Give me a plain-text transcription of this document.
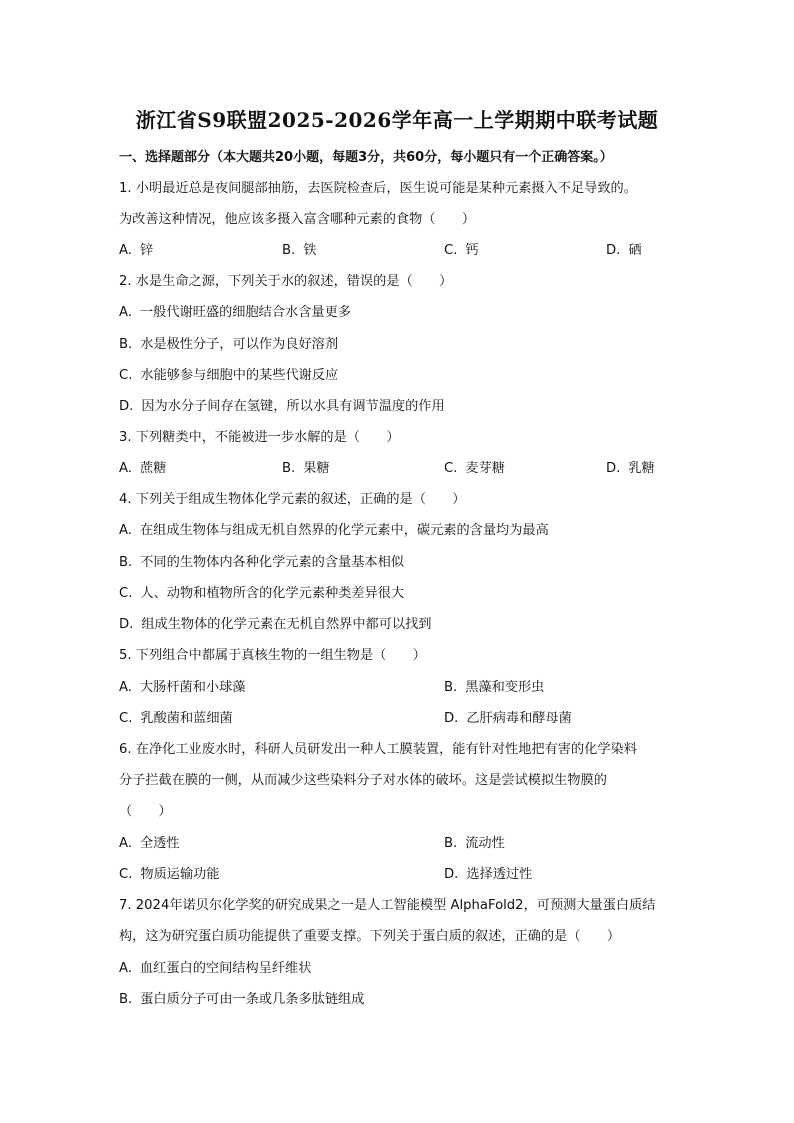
浙江省S9联盟2025-2026学年高一上学期期中联考试题
一、选择题部分（本大题共20小题，每题3分，共60分，每小题只有一个正确答案。）
1. 小明最近总是夜间腿部抽筋，去医院检查后，医生说可能是某种元素摄入不足导致的。
为改善这种情况，他应该多摄入富含哪种元素的食物（　　）
A. 锌	B. 铁	C. 钙	D. 硒
2. 水是生命之源，下列关于水的叙述，错误的是（　　）
A. 一般代谢旺盛的细胞结合水含量更多
B. 水是极性分子，可以作为良好溶剂
C. 水能够参与细胞中的某些代谢反应
D. 因为水分子间存在氢键，所以水具有调节温度的作用
3. 下列糖类中，不能被进一步水解的是（　　）
A. 蔗糖	B. 果糖	C. 麦芽糖	D. 乳糖
4. 下列关于组成生物体化学元素的叙述，正确的是（　　）
A. 在组成生物体与组成无机自然界的化学元素中，碳元素的含量均为最高
B. 不同的生物体内各种化学元素的含量基本相似
C. 人、动物和植物所含的化学元素种类差异很大
D. 组成生物体的化学元素在无机自然界中都可以找到
5. 下列组合中都属于真核生物的一组生物是（　　）
A. 大肠杆菌和小球藻	B. 黑藻和变形虫
C. 乳酸菌和蓝细菌	D. 乙肝病毒和酵母菌
6. 在净化工业废水时，科研人员研发出一种人工膜装置，能有针对性地把有害的化学染料
分子拦截在膜的一侧，从而减少这些染料分子对水体的破坏。这是尝试模拟生物膜的
（　　）
A. 全透性	B. 流动性
C. 物质运输功能	D. 选择透过性
7. 2024年诺贝尔化学奖的研究成果之一是人工智能模型 AlphaFold2，可预测大量蛋白质结
构，这为研究蛋白质功能提供了重要支撑。下列关于蛋白质的叙述，正确的是（　　）
A. 血红蛋白的空间结构呈纤维状
B. 蛋白质分子可由一条或几条多肽链组成
